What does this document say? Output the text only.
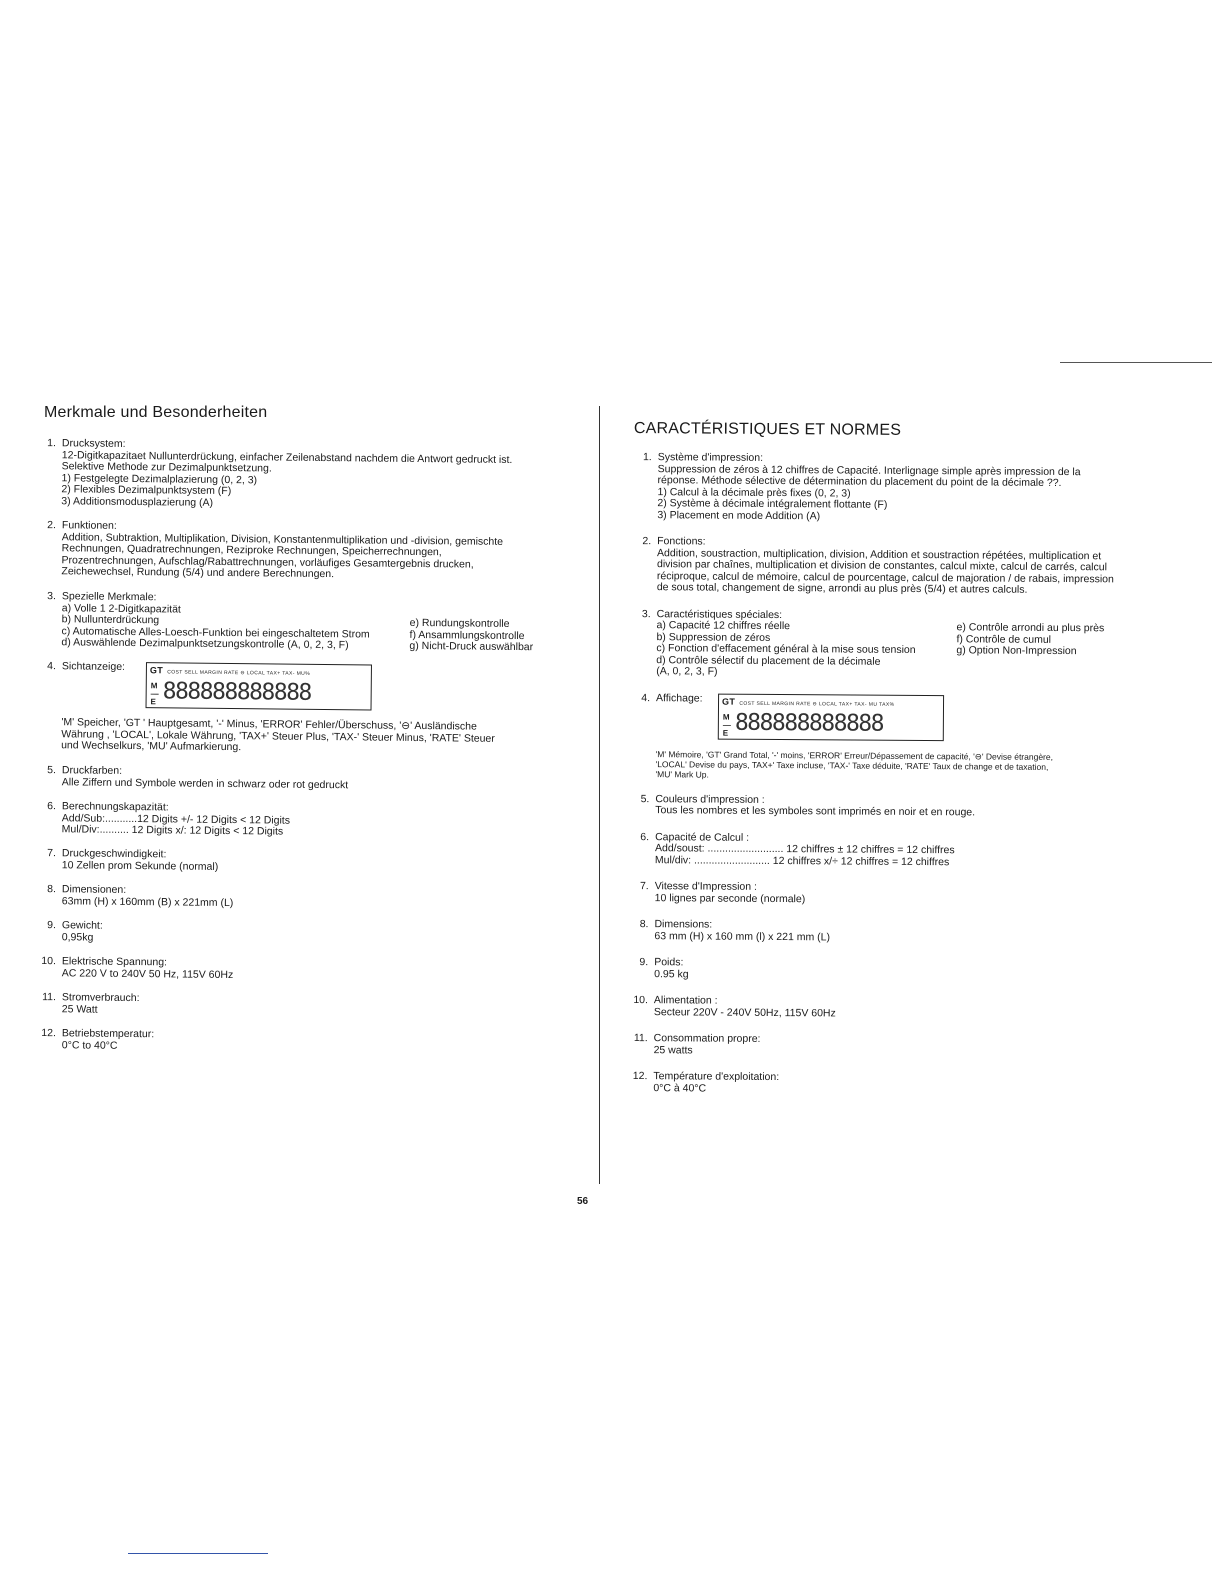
Merkmale und Besonderheiten
1. Drucksystem:
12-Digitkapazitaet Nullunterdrückung, einfacher Zeilenabstand nachdem die Antwort gedruckt ist.
Selektive Methode zur Dezimalpunktsetzung.
1) Festgelegte Dezimalplazierung (0, 2, 3)
2) Flexibles Dezimalpunktsystem (F)
3) Additionsmodusplazierung (A)
2. Funktionen:
Addition, Subtraktion, Multiplikation, Division, Konstantenmultiplikation und -division, gemischte
Rechnungen, Quadratrechnungen, Reziproke Rechnungen, Speicherrechnungen,
Prozentrechnungen, Aufschlag/Rabattrechnungen, vorläufiges Gesamtergebnis drucken,
Zeichewechsel, Rundung (5/4) und andere Berechnungen.
3. Spezielle Merkmale:
a) Volle 1 2-Digitkapazität
b) Nullunterdrückung
c) Automatische Alles-Loesch-Funktion bei eingeschaltetem Strom
d) Auswählende Dezimalpunktsetzungskontrolle (A, 0, 2, 3, F)

e) Rundungskontrolle
f) Ansammlungskontrolle
g) Nicht-Druck auswählbar
4. Sichtanzeige:	GT COST SELL MARGIN RATE ⊖ LOCAL TAX+ TAX- MU%
M
—
E 888888888888
'M' Speicher, 'GT ' Hauptgesamt, '-' Minus, 'ERROR' Fehler/Überschuss, '⊖' Ausländische
Währung , 'LOCAL', Lokale Währung, 'TAX+' Steuer Plus, 'TAX-' Steuer Minus, 'RATE' Steuer
und Wechselkurs, 'MU' Aufmarkierung.
5. Druckfarben:
Alle Ziffern und Symbole werden in schwarz oder rot gedruckt
6. Berechnungskapazität:
Add/Sub:...........12 Digits +/- 12 Digits < 12 Digits
Mul/Div:.......... 12 Digits x/: 12 Digits < 12 Digits
7. Druckgeschwindigkeit:
10 Zellen prom Sekunde (normal)
8. Dimensionen:
63mm (H) x 160mm (B) x 221mm (L)
9. Gewicht:
0,95kg
10. Elektrische Spannung:
AC 220 V to 240V 50 Hz, 115V 60Hz
11. Stromverbrauch:
25 Watt
12. Betriebstemperatur:
0°C to 40°C
CARACTÉRISTIQUES ET NORMES
1. Système d'impression:
Suppression de zéros à 12 chiffres de Capacité. Interlignage simple après impression de la
réponse. Méthode sélective de détermination du placement du point de la décimale ??.
1) Calcul à la décimale près fixes (0, 2, 3)
2) Système à décimale intégralement flottante (F)
3) Placement en mode Addition (A)
2. Fonctions:
Addition, soustraction, multiplication, division, Addition et soustraction répétées, multiplication et
division par chaînes, multiplication et division de constantes, calcul mixte, calcul de carrés, calcul
réciproque, calcul de mémoire, calcul de pourcentage, calcul de majoration / de rabais, impression
de sous total, changement de signe, arrondi au plus près (5/4) et autres calculs.
3. Caractéristiques spéciales:
a) Capacité 12 chiffres réelle
b) Suppression de zéros
c) Fonction d'effacement général à la mise sous tension
d) Contrôle sélectif du placement de la décimale
(A, 0, 2, 3, F)
e) Contrôle arrondi au plus près
f) Contrôle de cumul
g) Option Non-Impression
4. Affichage:	GT COST SELL MARGIN RATE ⊖ LOCAL TAX+ TAX- MU TAX%
M
—
E 888888888888
'M' Mémoire, 'GT' Grand Total, '-' moins, 'ERROR' Erreur/Dépassement de capacité, '⊖' Devise étrangère,
'LOCAL' Devise du pays, TAX+' Taxe incluse, 'TAX-' Taxe déduite, 'RATE' Taux de change et de taxation,
'MU' Mark Up.
5. Couleurs d'impression :
Tous les nombres et les symboles sont imprimés en noir et en rouge.
6. Capacité de Calcul :
Add/soust: .......................... 12 chiffres ± 12 chiffres = 12 chiffres
Mul/div: .......................... 12 chiffres x/÷ 12 chiffres = 12 chiffres
7. Vitesse d'Impression :
10 lignes par seconde (normale)
8. Dimensions:
63 mm (H) x 160 mm (l) x 221 mm (L)
9. Poids:
0.95 kg
10. Alimentation :
Secteur 220V - 240V 50Hz, 115V 60Hz
11. Consommation propre:
25 watts
12. Température d'exploitation:
0°C à 40°C
56
